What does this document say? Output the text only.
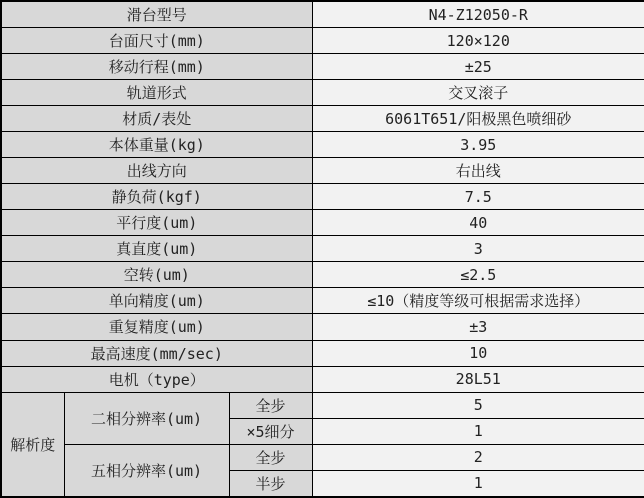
滑台型号			N4-Z12050-R
台面尺寸(mm)			120×120
移动行程(mm)			±25
轨道形式			交叉滚子
材质/表处			6061T651/阳极黑色喷细砂
本体重量(kg)			3.95
出线方向			右出线
静负荷(kgf)			7.5
平行度(um)			40
真直度(um)			3
空转(um)			≤2.5
单向精度(um)			≤10（精度等级可根据需求选择）
重复精度(um)			±3
最高速度(mm/sec)			10
电机（type）			28L51
解析度	二相分辨率(um)	全步	5
		×5细分	1
	五相分辨率(um)	全步	2
		半步	1
